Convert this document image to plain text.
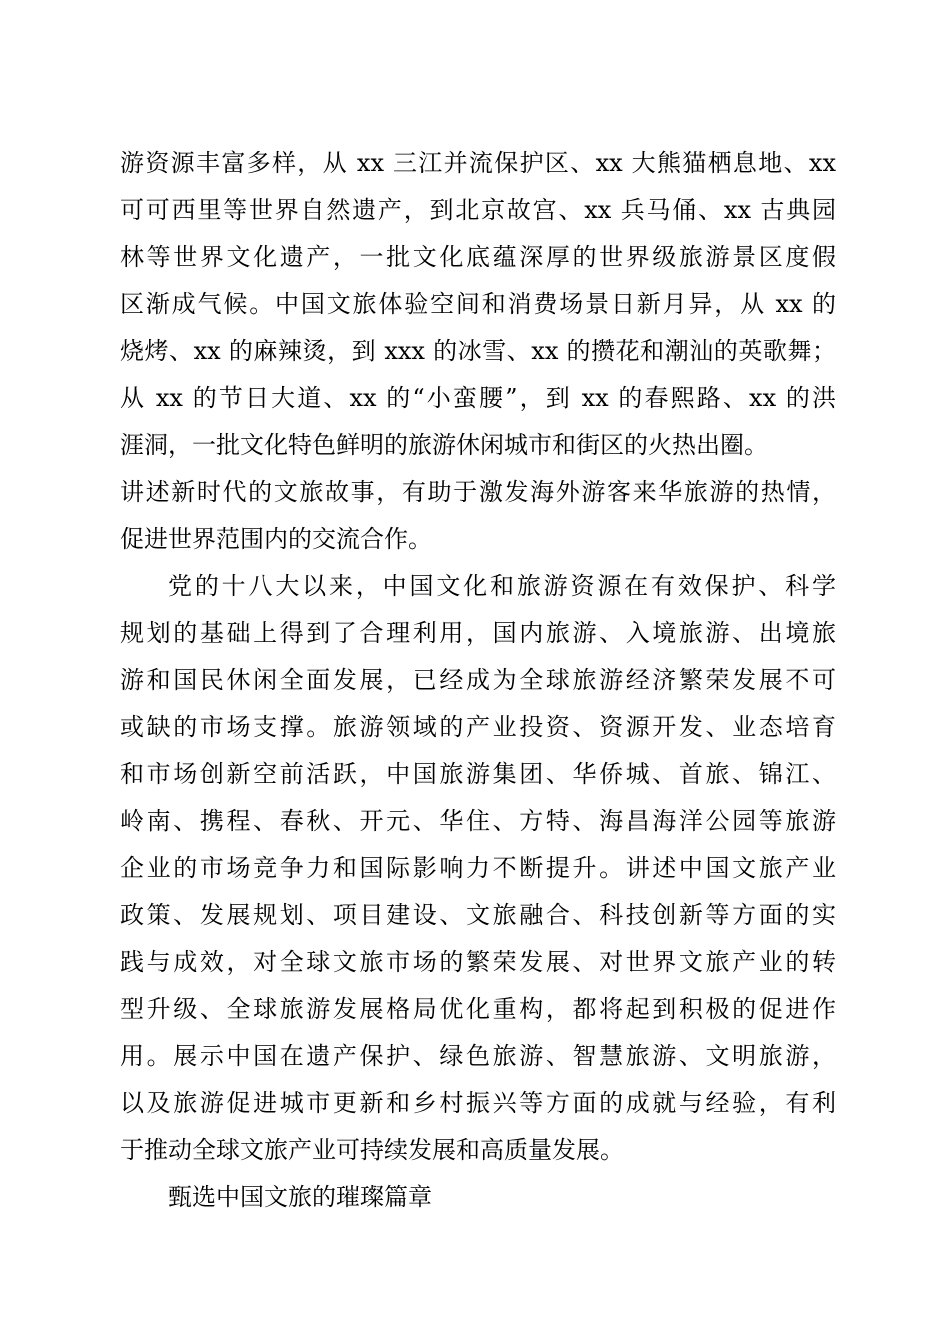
游资源丰富多样，从 xx 三江并流保护区、xx 大熊猫栖息地、xx
可可西里等世界自然遗产，到北京故宫、xx 兵马俑、xx 古典园
林等世界文化遗产，一批文化底蕴深厚的世界级旅游景区度假
区渐成气候。中国文旅体验空间和消费场景日新月异，从 xx 的
烧烤、xx 的麻辣烫，到 xxx 的冰雪、xx 的攒花和潮汕的英歌舞；
从 xx 的节日大道、xx 的“小蛮腰”，到 xx 的春熙路、xx 的洪
涯洞，一批文化特色鲜明的旅游休闲城市和街区的火热出圈。
讲述新时代的文旅故事，有助于激发海外游客来华旅游的热情，
促进世界范围内的交流合作。
党的十八大以来，中国文化和旅游资源在有效保护、科学
规划的基础上得到了合理利用，国内旅游、入境旅游、出境旅
游和国民休闲全面发展，已经成为全球旅游经济繁荣发展不可
或缺的市场支撑。旅游领域的产业投资、资源开发、业态培育
和市场创新空前活跃，中国旅游集团、华侨城、首旅、锦江、
岭南、携程、春秋、开元、华住、方特、海昌海洋公园等旅游
企业的市场竞争力和国际影响力不断提升。讲述中国文旅产业
政策、发展规划、项目建设、文旅融合、科技创新等方面的实
践与成效，对全球文旅市场的繁荣发展、对世界文旅产业的转
型升级、全球旅游发展格局优化重构，都将起到积极的促进作
用。展示中国在遗产保护、绿色旅游、智慧旅游、文明旅游，
以及旅游促进城市更新和乡村振兴等方面的成就与经验，有利
于推动全球文旅产业可持续发展和高质量发展。
甄选中国文旅的璀璨篇章
